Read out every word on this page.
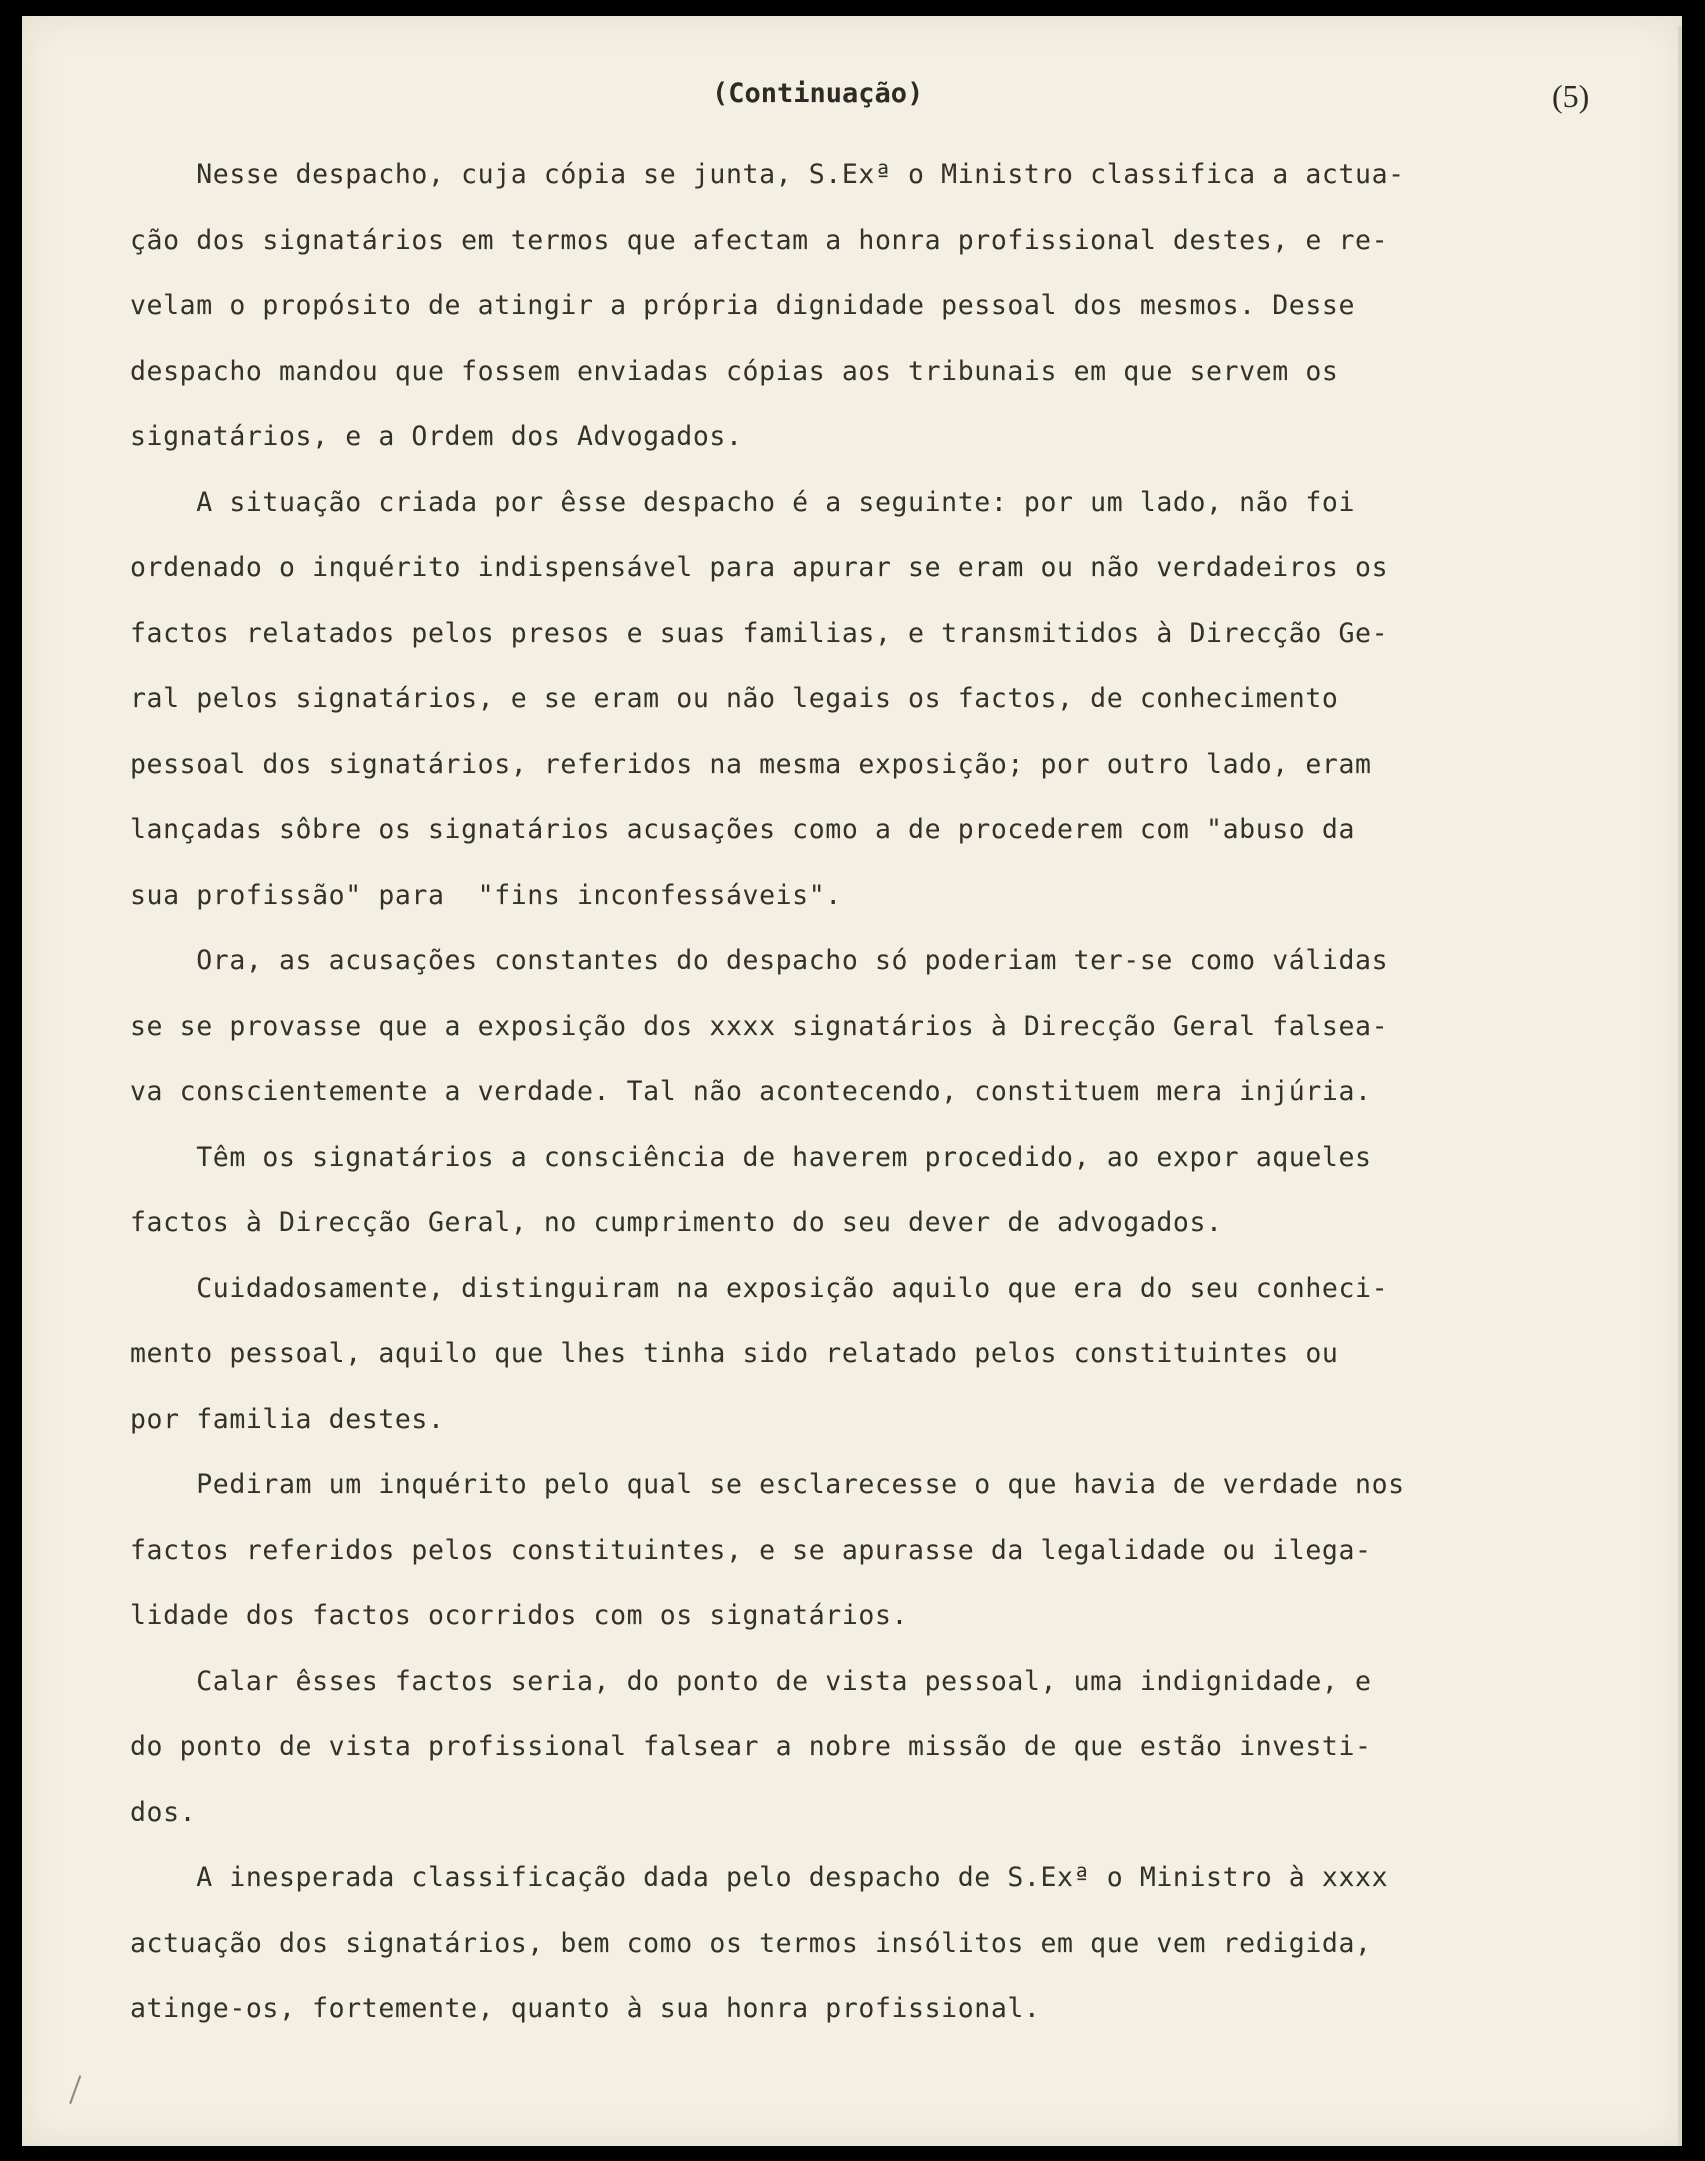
(Continuação)	(5)
Nesse despacho, cuja cópia se junta, S.Exª o Ministro classifica a actua-
ção dos signatários em termos que afectam a honra profissional destes, e re-
velam o propósito de atingir a própria dignidade pessoal dos mesmos. Desse
despacho mandou que fossem enviadas cópias aos tribunais em que servem os
signatários, e a Ordem dos Advogados.
A situação criada por êsse despacho é a seguinte: por um lado, não foi
ordenado o inquérito indispensável para apurar se eram ou não verdadeiros os
factos relatados pelos presos e suas familias, e transmitidos à Direcção Ge-
ral pelos signatários, e se eram ou não legais os factos, de conhecimento
pessoal dos signatários, referidos na mesma exposição; por outro lado, eram
lançadas sôbre os signatários acusações como a de procederem com "abuso da
sua profissão" para  "fins inconfessáveis".
Ora, as acusações constantes do despacho só poderiam ter-se como válidas
se se provasse que a exposição dos xxxx signatários à Direcção Geral falsea-
va conscientemente a verdade. Tal não acontecendo, constituem mera injúria.
Têm os signatários a consciência de haverem procedido, ao expor aqueles
factos à Direcção Geral, no cumprimento do seu dever de advogados.
Cuidadosamente, distinguiram na exposição aquilo que era do seu conheci-
mento pessoal, aquilo que lhes tinha sido relatado pelos constituintes ou
por familia destes.
Pediram um inquérito pelo qual se esclarecesse o que havia de verdade nos
factos referidos pelos constituintes, e se apurasse da legalidade ou ilega-
lidade dos factos ocorridos com os signatários.
Calar êsses factos seria, do ponto de vista pessoal, uma indignidade, e
do ponto de vista profissional falsear a nobre missão de que estão investi-
dos.
A inesperada classificação dada pelo despacho de S.Exª o Ministro à xxxx
actuação dos signatários, bem como os termos insólitos em que vem redigida,
atinge-os, fortemente, quanto à sua honra profissional.
